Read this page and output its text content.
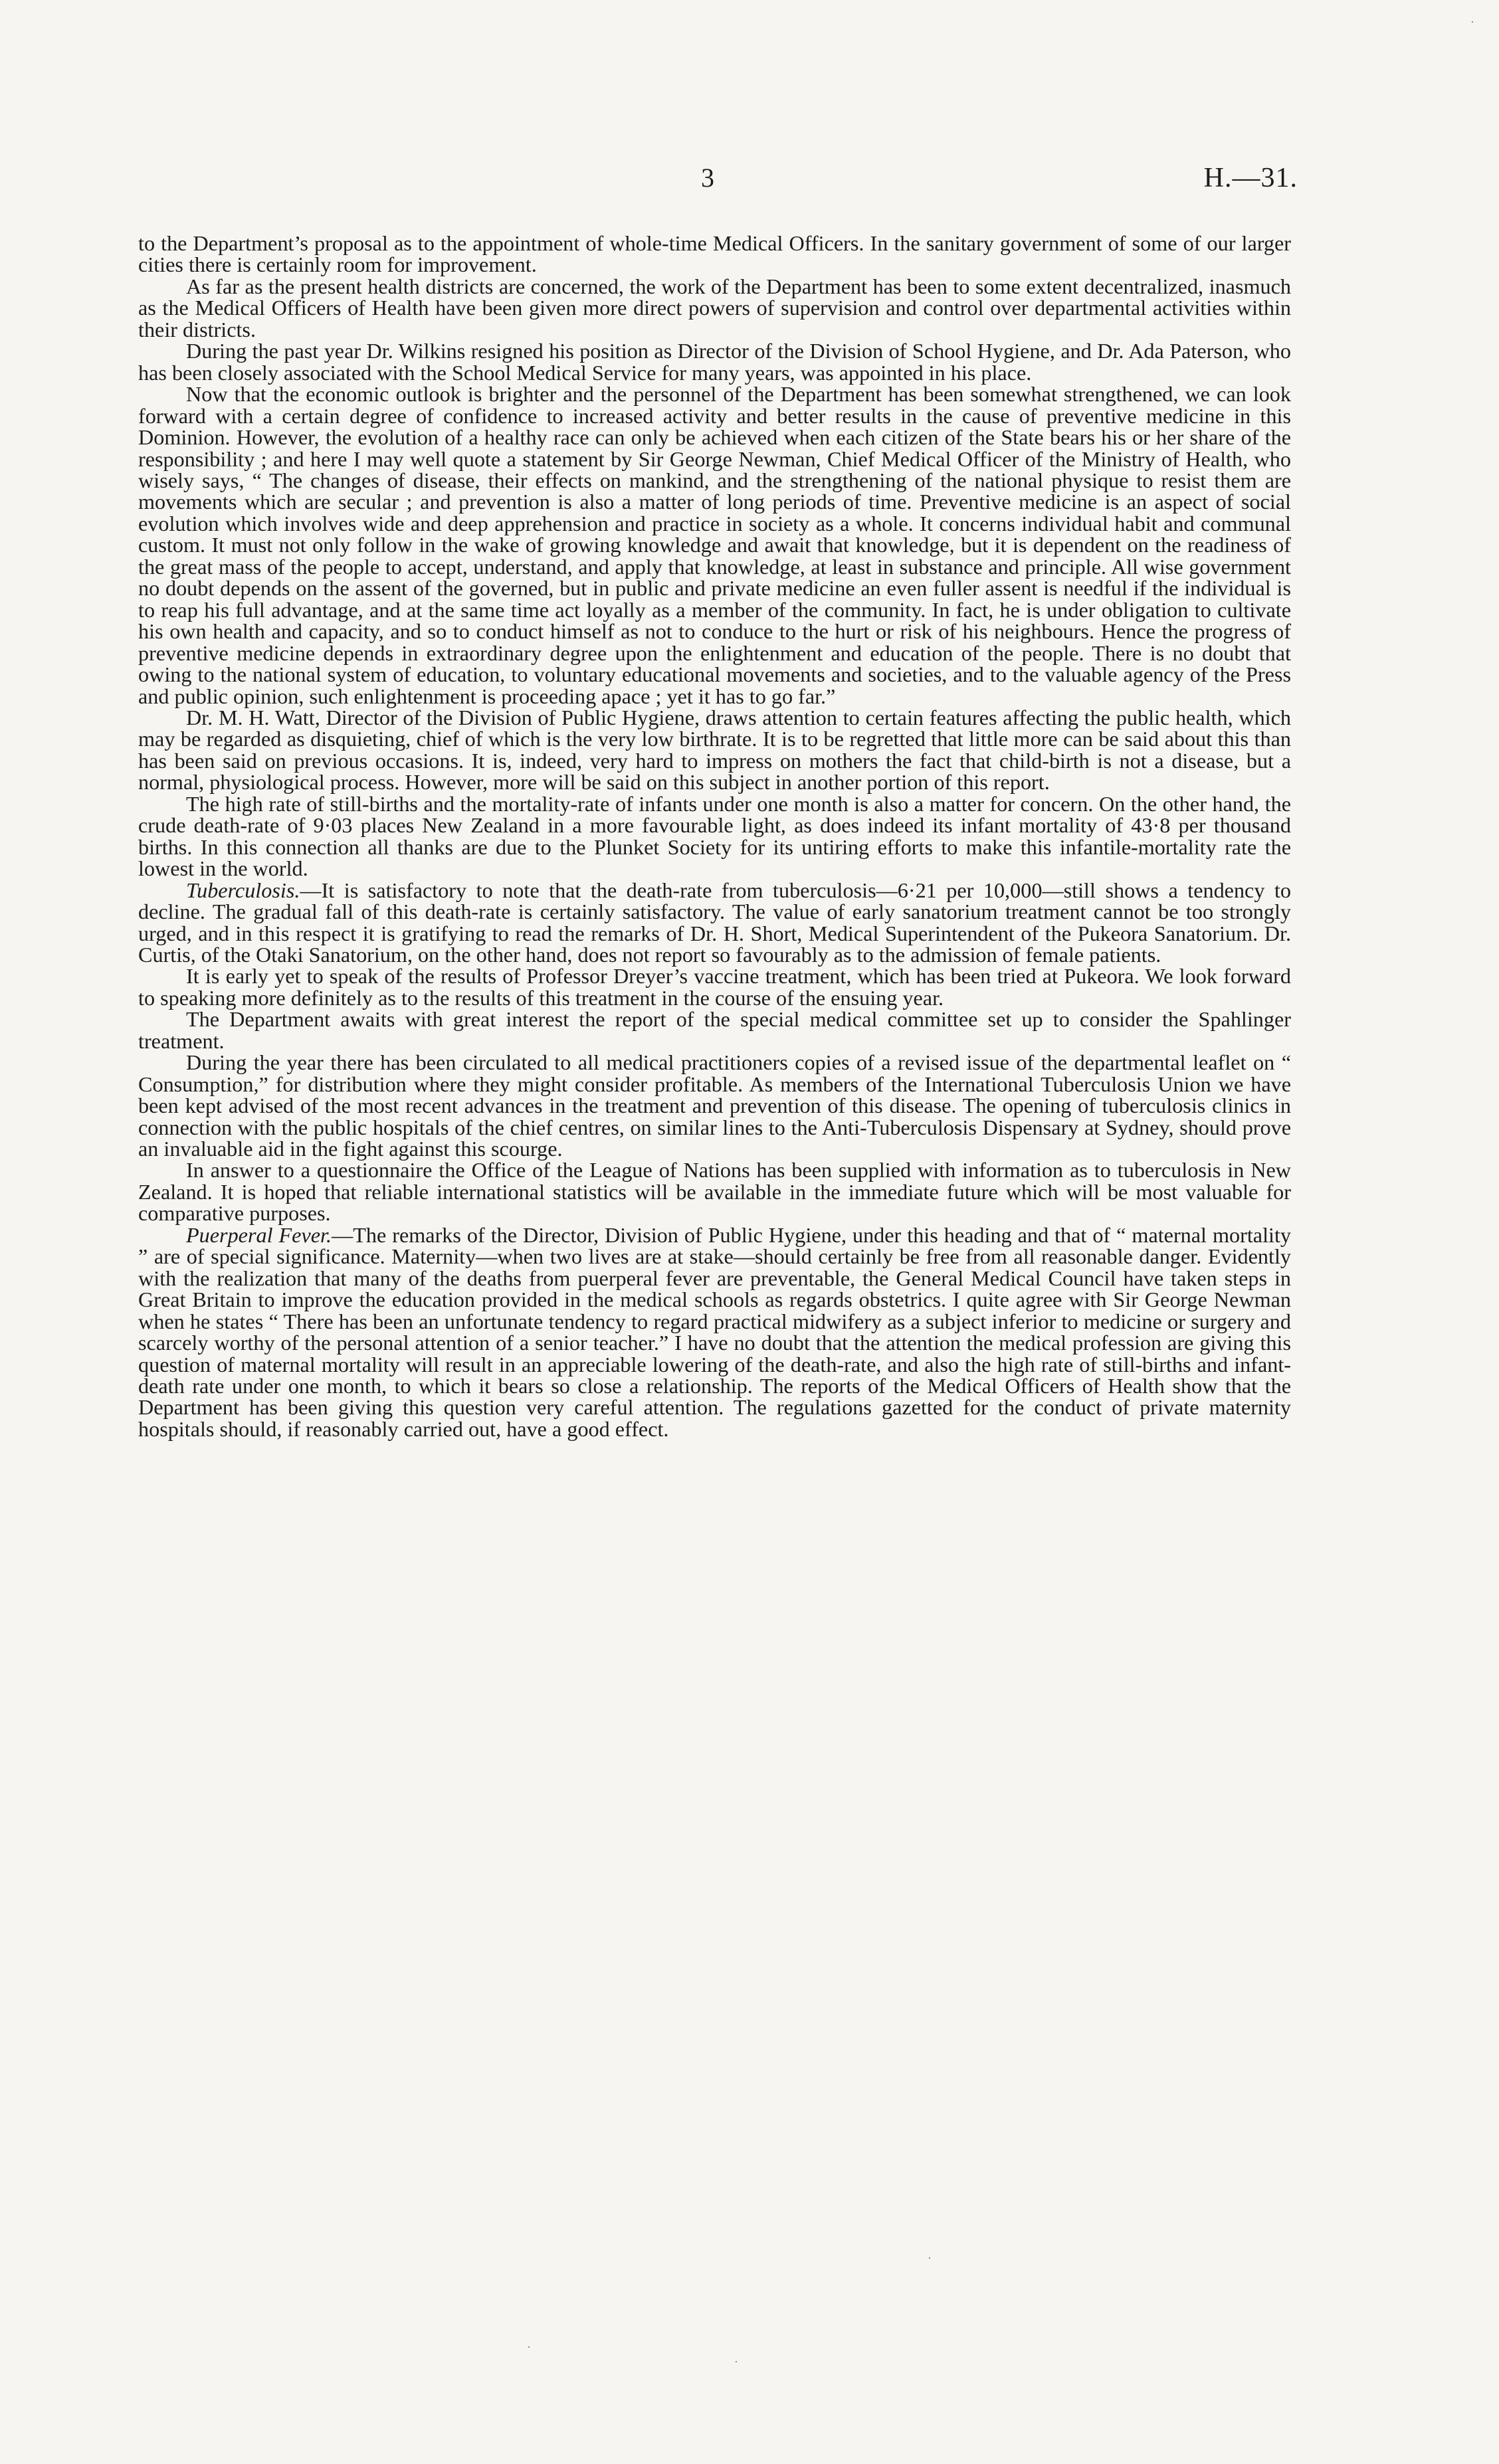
3	H.—31.

to the Department’s proposal as to the appointment of whole-time Medical Officers. In the sanitary government of some of our larger cities there is certainly room for improvement.

As far as the present health districts are concerned, the work of the Department has been to some extent decentralized, inasmuch as the Medical Officers of Health have been given more direct powers of supervision and control over departmental activities within their districts.

During the past year Dr. Wilkins resigned his position as Director of the Division of School Hygiene, and Dr. Ada Paterson, who has been closely associated with the School Medical Service for many years, was appointed in his place.

Now that the economic outlook is brighter and the personnel of the Department has been somewhat strengthened, we can look forward with a certain degree of confidence to increased activity and better results in the cause of preventive medicine in this Dominion. However, the evolution of a healthy race can only be achieved when each citizen of the State bears his or her share of the responsibility ; and here I may well quote a statement by Sir George Newman, Chief Medical Officer of the Ministry of Health, who wisely says, “ The changes of disease, their effects on mankind, and the strengthening of the national physique to resist them are movements which are secular ; and prevention is also a matter of long periods of time. Preventive medicine is an aspect of social evolution which involves wide and deep apprehension and practice in society as a whole. It concerns individual habit and communal custom. It must not only follow in the wake of growing knowledge and await that knowledge, but it is dependent on the readiness of the great mass of the people to accept, understand, and apply that knowledge, at least in substance and principle. All wise government no doubt depends on the assent of the governed, but in public and private medicine an even fuller assent is needful if the individual is to reap his full advantage, and at the same time act loyally as a member of the community. In fact, he is under obligation to cultivate his own health and capacity, and so to conduct himself as not to conduce to the hurt or risk of his neighbours. Hence the progress of preventive medicine depends in extraordinary degree upon the enlightenment and education of the people. There is no doubt that owing to the national system of education, to voluntary educational movements and societies, and to the valuable agency of the Press and public opinion, such enlightenment is proceeding apace ; yet it has to go far.”

Dr. M. H. Watt, Director of the Division of Public Hygiene, draws attention to certain features affecting the public health, which may be regarded as disquieting, chief of which is the very low birthrate. It is to be regretted that little more can be said about this than has been said on previous occasions. It is, indeed, very hard to impress on mothers the fact that child-birth is not a disease, but a normal, physiological process. However, more will be said on this subject in another portion of this report.

The high rate of still-births and the mortality-rate of infants under one month is also a matter for concern. On the other hand, the crude death-rate of 9·03 places New Zealand in a more favourable light, as does indeed its infant mortality of 43·8 per thousand births. In this connection all thanks are due to the Plunket Society for its untiring efforts to make this infantile-mortality rate the lowest in the world.

Tuberculosis.—It is satisfactory to note that the death-rate from tuberculosis—6·21 per 10,000—still shows a tendency to decline. The gradual fall of this death-rate is certainly satisfactory. The value of early sanatorium treatment cannot be too strongly urged, and in this respect it is gratifying to read the remarks of Dr. H. Short, Medical Superintendent of the Pukeora Sanatorium. Dr. Curtis, of the Otaki Sanatorium, on the other hand, does not report so favourably as to the admission of female patients.

It is early yet to speak of the results of Professor Dreyer’s vaccine treatment, which has been tried at Pukeora. We look forward to speaking more definitely as to the results of this treatment in the course of the ensuing year.

The Department awaits with great interest the report of the special medical committee set up to consider the Spahlinger treatment.

During the year there has been circulated to all medical practitioners copies of a revised issue of the departmental leaflet on “ Consumption,” for distribution where they might consider profitable. As members of the International Tuberculosis Union we have been kept advised of the most recent advances in the treatment and prevention of this disease. The opening of tuberculosis clinics in connection with the public hospitals of the chief centres, on similar lines to the Anti-Tuberculosis Dispensary at Sydney, should prove an invaluable aid in the fight against this scourge.

In answer to a questionnaire the Office of the League of Nations has been supplied with information as to tuberculosis in New Zealand. It is hoped that reliable international statistics will be available in the immediate future which will be most valuable for comparative purposes.

Puerperal Fever.—The remarks of the Director, Division of Public Hygiene, under this heading and that of “ maternal mortality ” are of special significance. Maternity—when two lives are at stake—should certainly be free from all reasonable danger. Evidently with the realization that many of the deaths from puerperal fever are preventable, the General Medical Council have taken steps in Great Britain to improve the education provided in the medical schools as regards obstetrics. I quite agree with Sir George Newman when he states “ There has been an unfortunate tendency to regard practical midwifery as a subject inferior to medicine or surgery and scarcely worthy of the personal attention of a senior teacher.” I have no doubt that the attention the medical profession are giving this question of maternal mortality will result in an appreciable lowering of the death-rate, and also the high rate of still-births and infant-death rate under one month, to which it bears so close a relationship. The reports of the Medical Officers of Health show that the Department has been giving this question very careful attention. The regulations gazetted for the conduct of private maternity hospitals should, if reasonably carried out, have a good effect.

·
·
·
·
